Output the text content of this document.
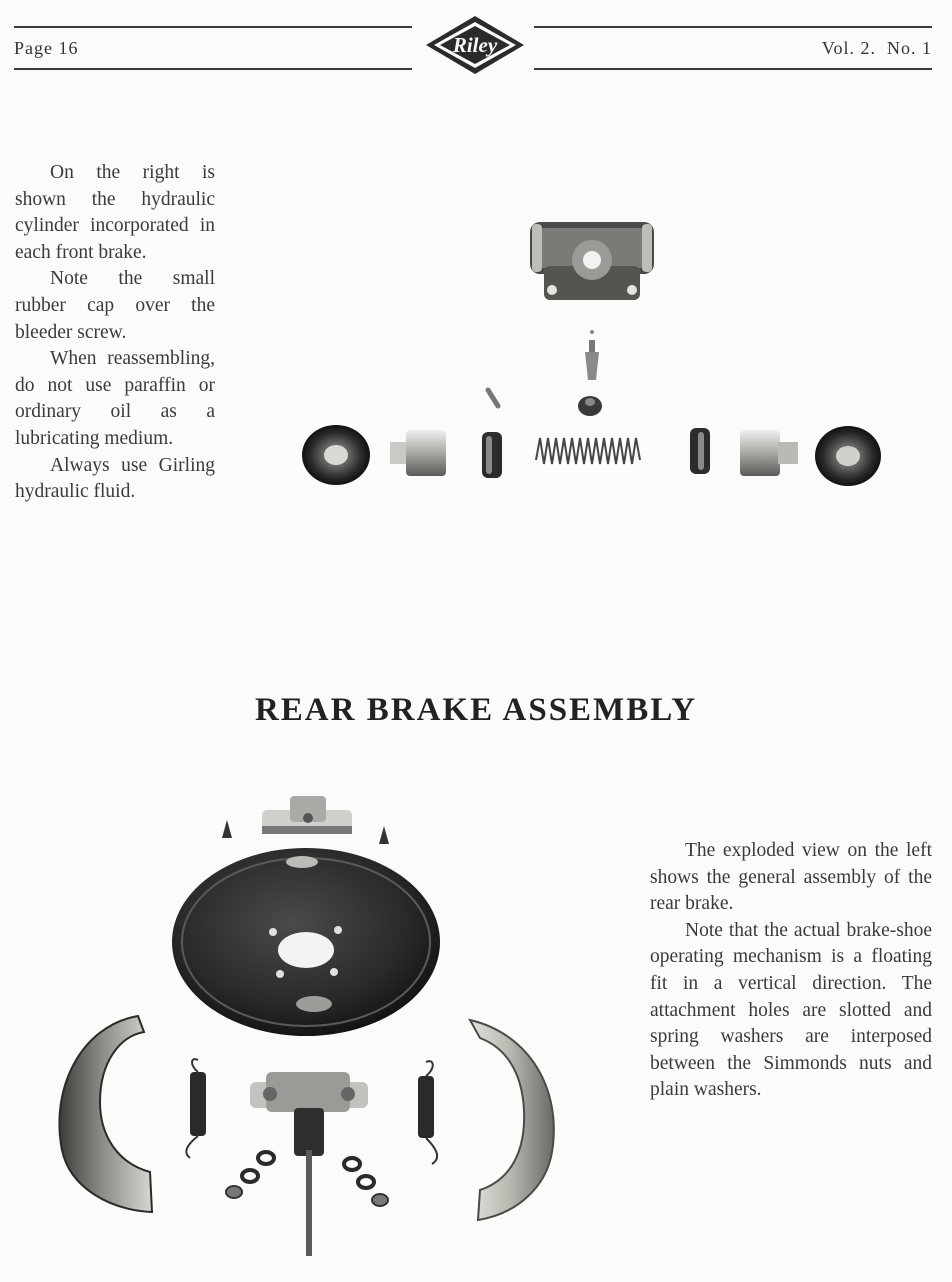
Page 16	Vol. 2.  No. 1
Riley

On the right is shown the hydraulic cylinder incorporated in each front brake.

Note the small rubber cap over the bleeder screw.

When reassembling, do not use paraffin or ordinary oil as a lubricating medium.

Always use Girling hydraulic fluid.

REAR BRAKE ASSEMBLY

The exploded view on the left shows the general assembly of the rear brake.

Note that the actual brake-shoe operating mechanism is a floating fit in a vertical direction. The attachment holes are slotted and spring washers are interposed between the Simmonds nuts and plain washers.
